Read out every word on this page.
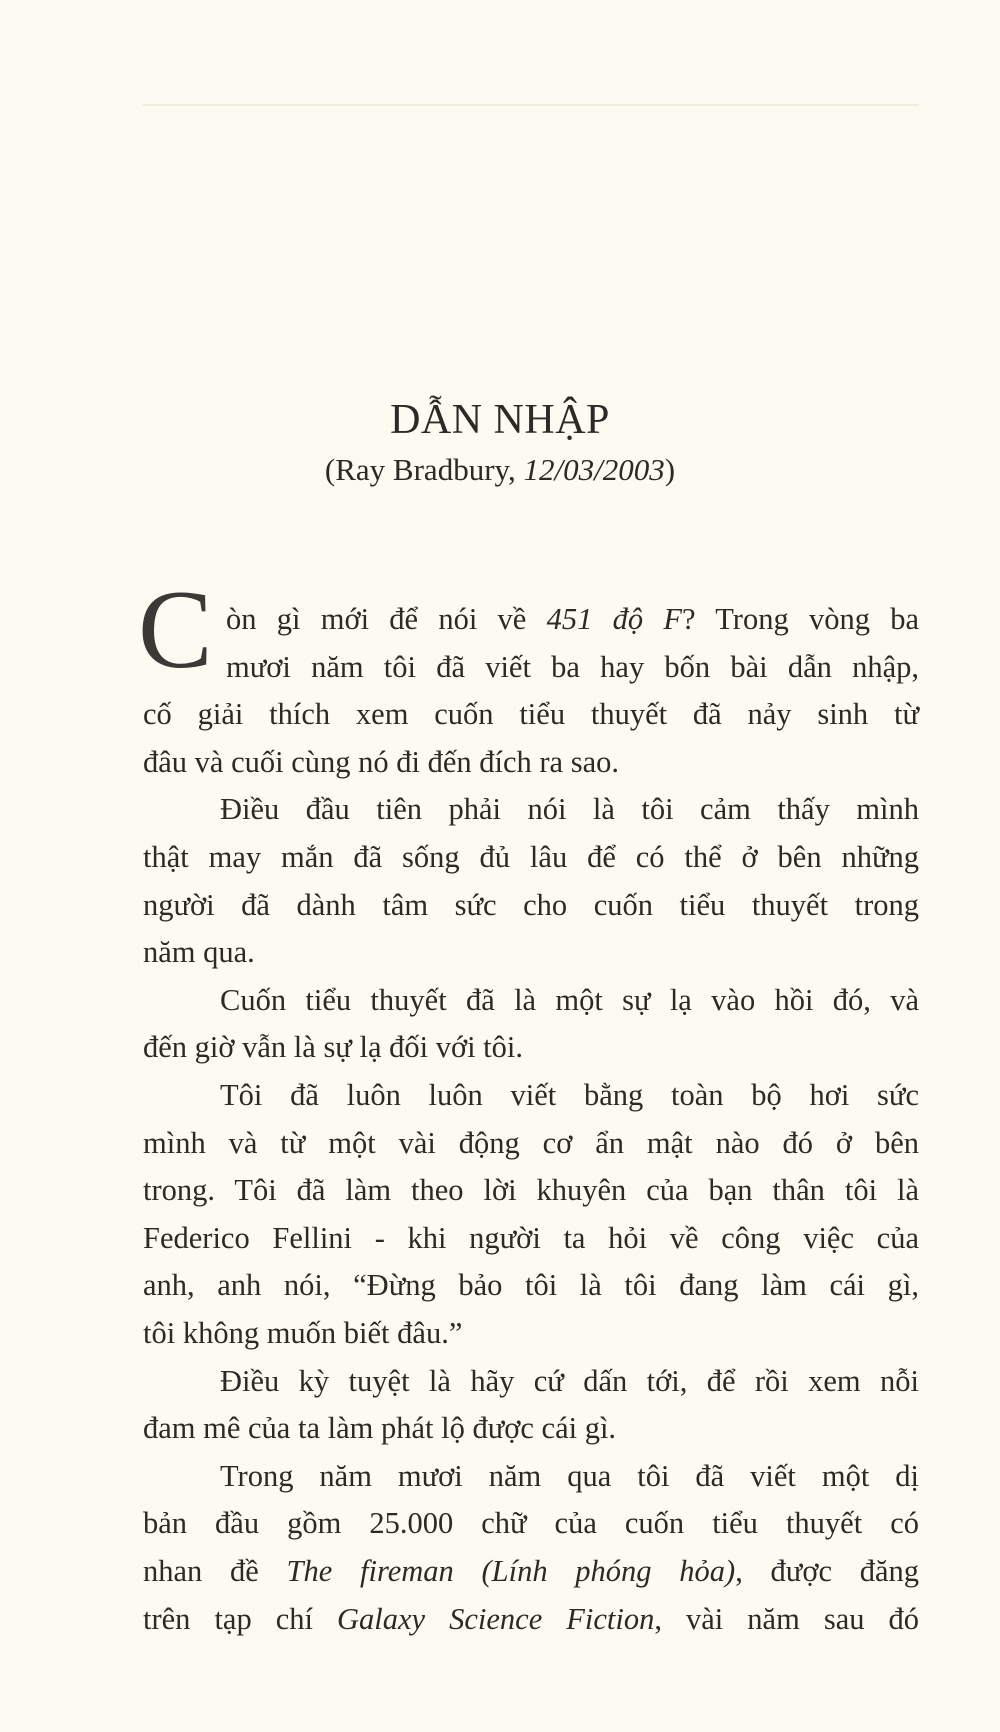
DẪN NHẬP
(Ray Bradbury, 12/03/2003)
C òn gì mới để nói về 451 độ F? Trong vòng ba
mươi năm tôi đã viết ba hay bốn bài dẫn nhập,
cố giải thích xem cuốn tiểu thuyết đã nảy sinh từ
đâu và cuối cùng nó đi đến đích ra sao.
Điều đầu tiên phải nói là tôi cảm thấy mình
thật may mắn đã sống đủ lâu để có thể ở bên những
người đã dành tâm sức cho cuốn tiểu thuyết trong
năm qua.
Cuốn tiểu thuyết đã là một sự lạ vào hồi đó, và
đến giờ vẫn là sự lạ đối với tôi.
Tôi đã luôn luôn viết bằng toàn bộ hơi sức
mình và từ một vài động cơ ẩn mật nào đó ở bên
trong. Tôi đã làm theo lời khuyên của bạn thân tôi là
Federico Fellini - khi người ta hỏi về công việc của
anh, anh nói, “Đừng bảo tôi là tôi đang làm cái gì,
tôi không muốn biết đâu.”
Điều kỳ tuyệt là hãy cứ dấn tới, để rồi xem nỗi
đam mê của ta làm phát lộ được cái gì.
Trong năm mươi năm qua tôi đã viết một dị
bản đầu gồm 25.000 chữ của cuốn tiểu thuyết có
nhan đề The fireman (Lính phóng hỏa), được đăng
trên tạp chí Galaxy Science Fiction, vài năm sau đó
